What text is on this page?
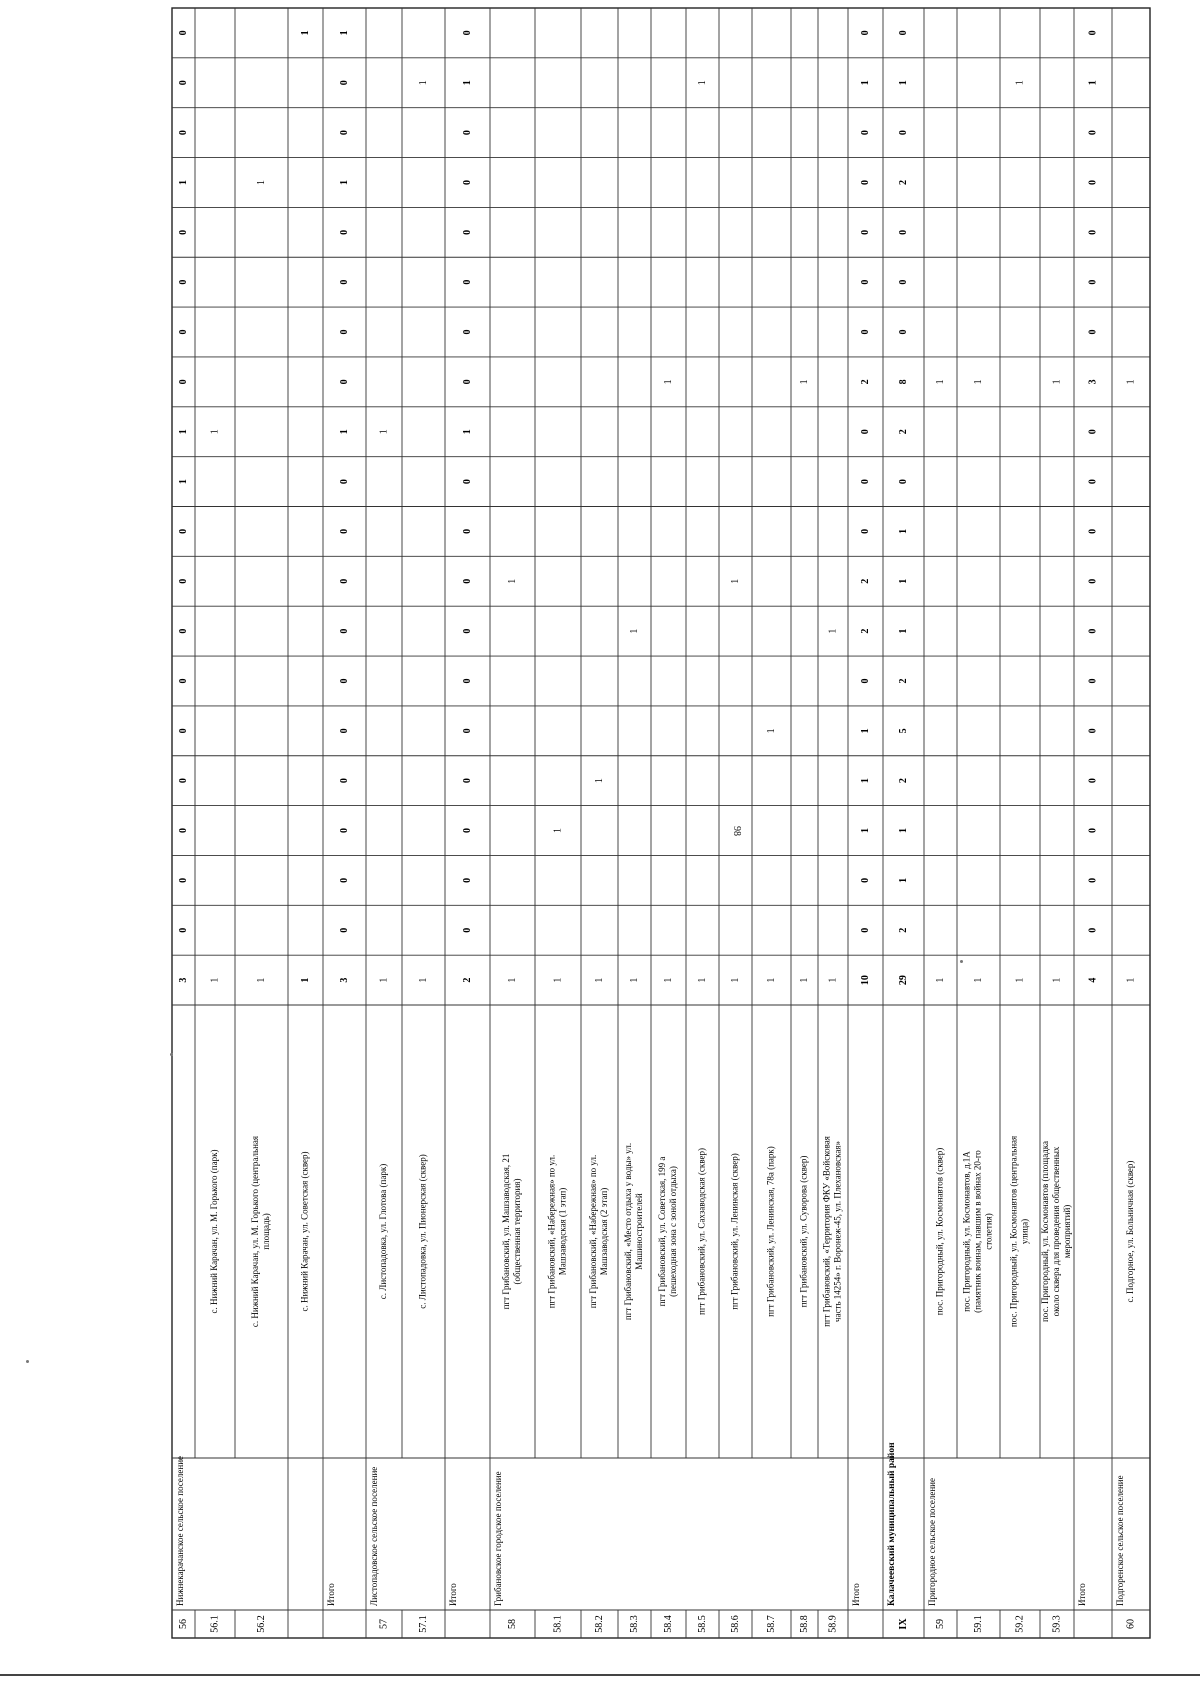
98
56
Нижнекарачанское сельское поселение
3
0
0
0
0
0
0
0
0
0
1
1
0
0
0
0
1
0
0
0
56.1
с. Нижний Карачан, ул. М. Горького (парк)
1
1
56.2
с. Нижний Карачан, ул. М. Горького (центральная площадь)
1
1
с. Нижний Карачан, ул. Советская (сквер)
1
1
Итого
3
0
0
0
0
0
0
0
0
0
0
1
0
0
0
0
1
0
0
1
57
Листопадовское сельское поселение
с. Листопадовка, ул. Глотова (парк)
1
1
57.1
с. Листопадовка, ул. Пионерская (сквер)
1
1
Итого
2
0
0
0
0
0
0
0
0
0
0
1
0
0
0
0
0
0
1
0
58
Грибановское городское поселение
пгт Грибановский, ул. Машзаводская, 21 (общественная территория)
1
1
58.1
пгт Грибановский, «Набережная» по ул. Машзаводская (1 этап)
1
1
58.2
пгт Грибановский, «Набережная» по ул. Машзаводская (2 этап)
1
1
58.3
пгт Грибановский, «Место отдыха у воды» ул. Машиностроителей
1
1
58.4
пгт Грибановский, ул. Советская, 199 а (пешеходная зона с зоной отдыха)
1
1
58.5
пгт Грибановский, ул. Сахзаводская (сквер)
1
1
58.6
пгт Грибановский, ул. Ленинская (сквер)
1
1
58.7
пгт Грибановский, ул. Ленинская, 78а (парк)
1
1
58.8
пгт Грибановский, ул. Суворова (сквер)
1
1
58.9
пгт Грибановский, «Территория ФКУ «Войсковая часть 14254» г. Воронеж-45, ул. Плехановская»
1
1
Итого
10
0
0
1
1
1
0
2
2
0
0
0
2
0
0
0
0
0
1
0
IX
Калачеевский муниципальный район
29
2
1
1
2
5
2
1
1
1
0
2
8
0
0
0
2
0
1
0
59
Пригородное сельское поселение
пос. Пригородный, ул. Космонавтов (сквер)
1
1
59.1
пос. Пригородный, ул. Космонавтов, д.1А (памятник воинам, павшим в войнах 20-го столетия)
1
1
59.2
пос. Пригородный, ул. Космонавтов (центральная улица)
1
1
59.3
пос. Пригородный, ул. Космонавтов (площадка около сквера для проведения общественных мероприятий)
1
1
Итого
4
0
0
0
0
0
0
0
0
0
0
0
3
0
0
0
0
0
1
0
60
Подгоренское сельское поселение
с. Подгорное, ул. Больничная (сквер)
1
1
